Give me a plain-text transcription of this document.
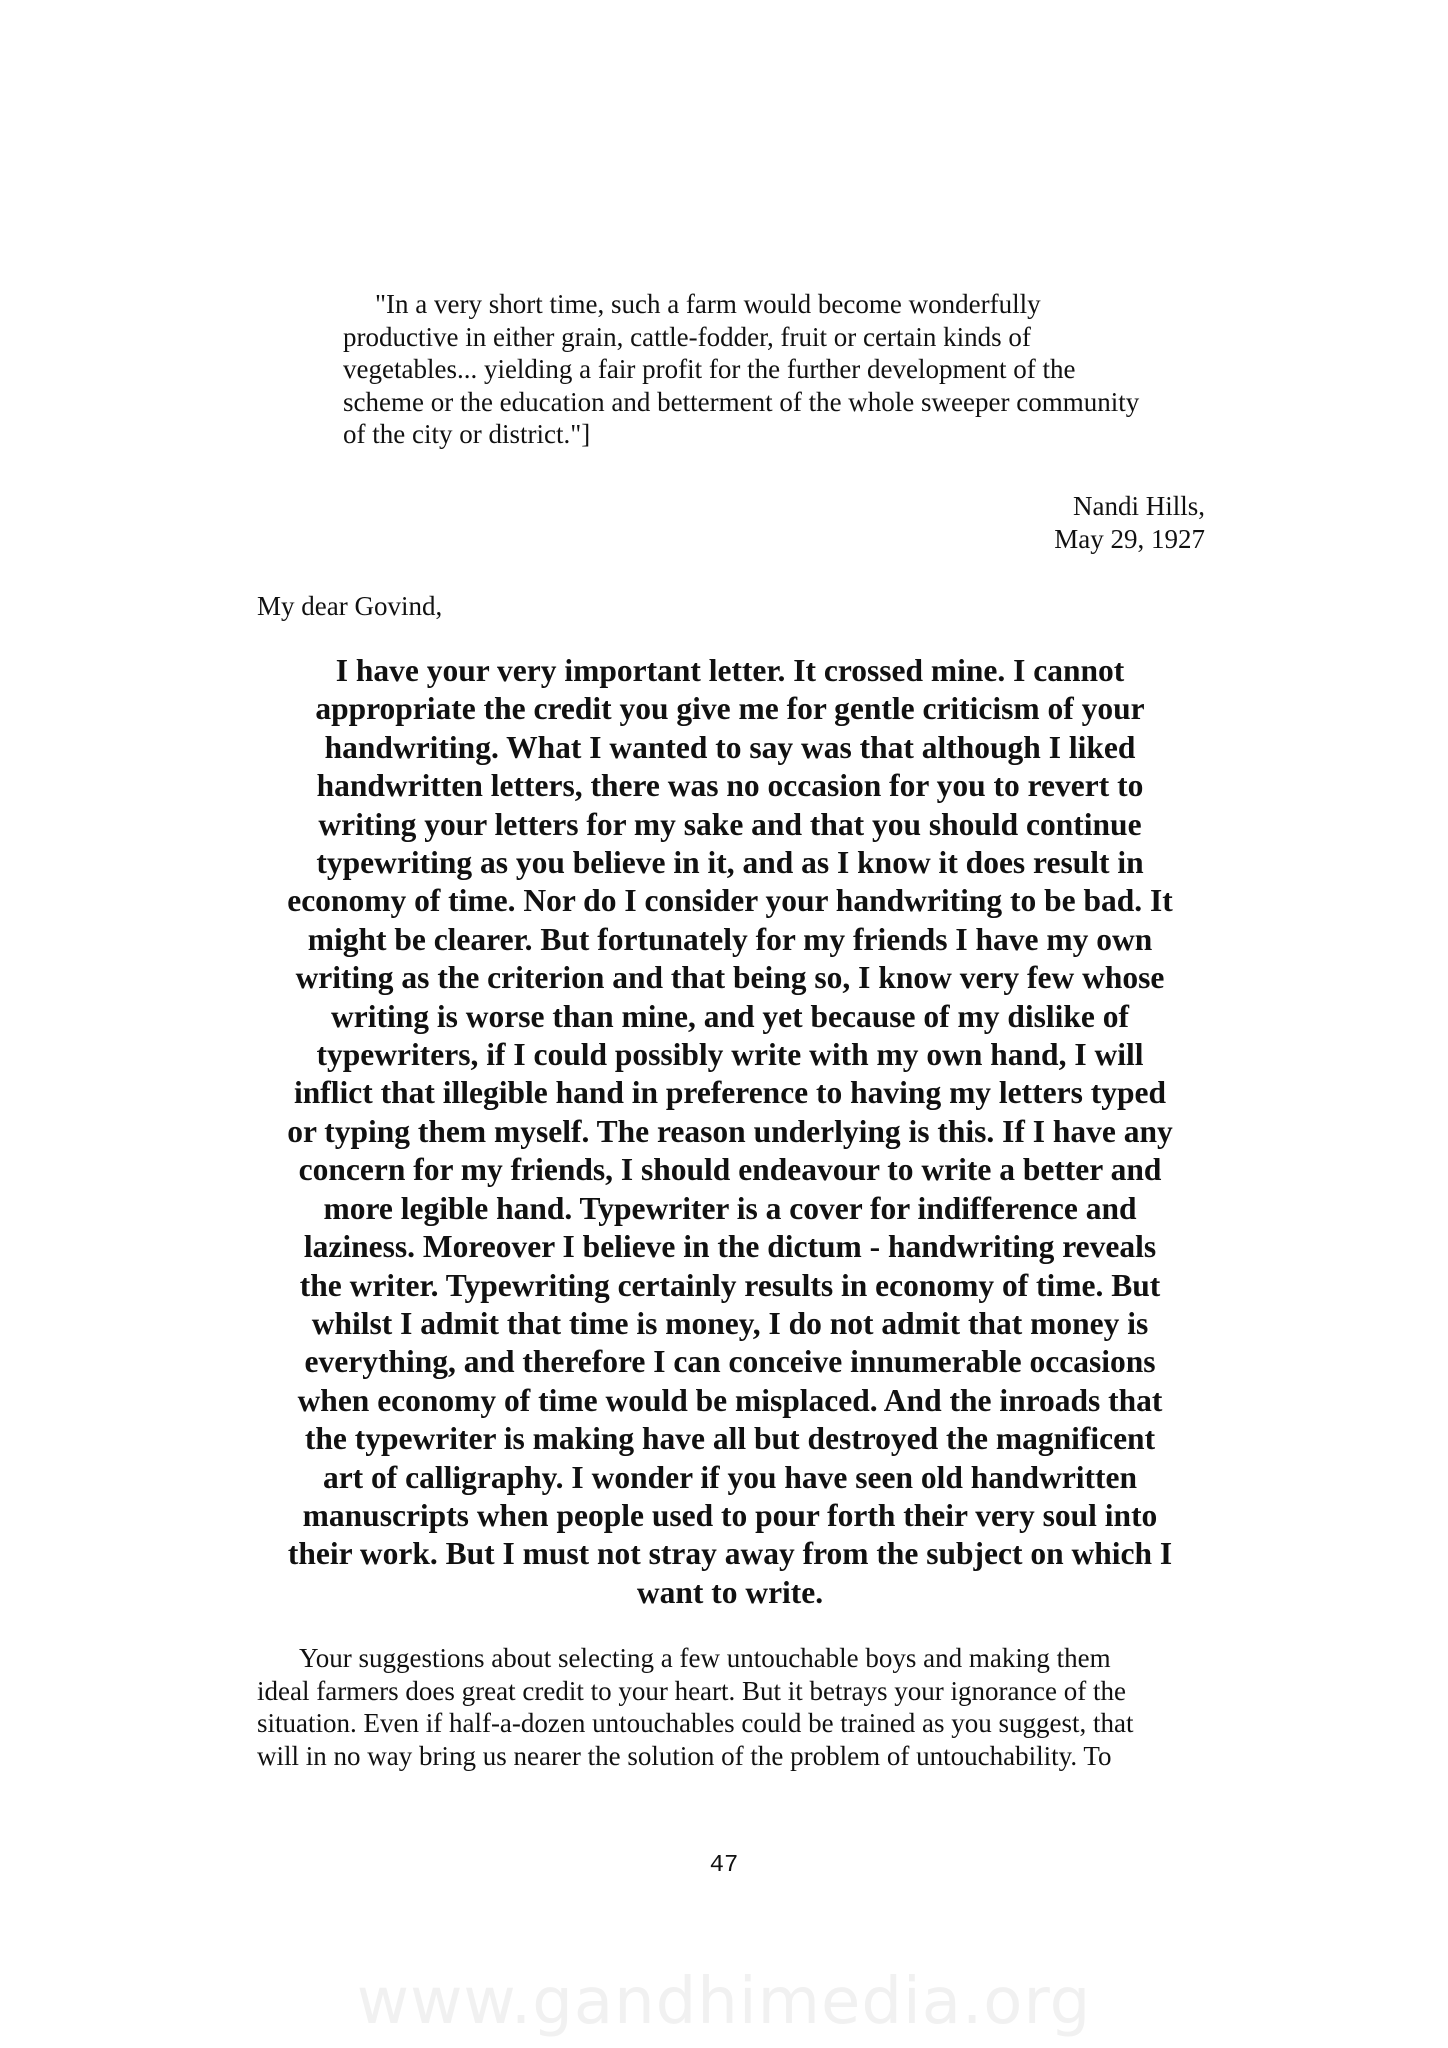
"In a very short time, such a farm would become wonderfully
productive in either grain, cattle-fodder, fruit or certain kinds of
vegetables... yielding a fair profit for the further development of the
scheme or the education and betterment of the whole sweeper community
of the city or district."]
Nandi Hills,
May 29, 1927
My dear Govind,
I have your very important letter. It crossed mine. I cannot
appropriate the credit you give me for gentle criticism of your
handwriting. What I wanted to say was that although I liked
handwritten letters, there was no occasion for you to revert to
writing your letters for my sake and that you should continue
typewriting as you believe in it, and as I know it does result in
economy of time. Nor do I consider your handwriting to be bad. It
might be clearer. But fortunately for my friends I have my own
writing as the criterion and that being so, I know very few whose
writing is worse than mine, and yet because of my dislike of
typewriters, if I could possibly write with my own hand, I will
inflict that illegible hand in preference to having my letters typed
or typing them myself. The reason underlying is this. If I have any
concern for my friends, I should endeavour to write a better and
more legible hand. Typewriter is a cover for indifference and
laziness. Moreover I believe in the dictum - handwriting reveals
the writer. Typewriting certainly results in economy of time. But
whilst I admit that time is money, I do not admit that money is
everything, and therefore I can conceive innumerable occasions
when economy of time would be misplaced. And the inroads that
the typewriter is making have all but destroyed the magnificent
art of calligraphy. I wonder if you have seen old handwritten
manuscripts when people used to pour forth their very soul into
their work. But I must not stray away from the subject on which I
want to write.
Your suggestions about selecting a few untouchable boys and making them
ideal farmers does great credit to your heart. But it betrays your ignorance of the
situation. Even if half-a-dozen untouchables could be trained as you suggest, that
will in no way bring us nearer the solution of the problem of untouchability. To
47
www.gandhimedia.org
